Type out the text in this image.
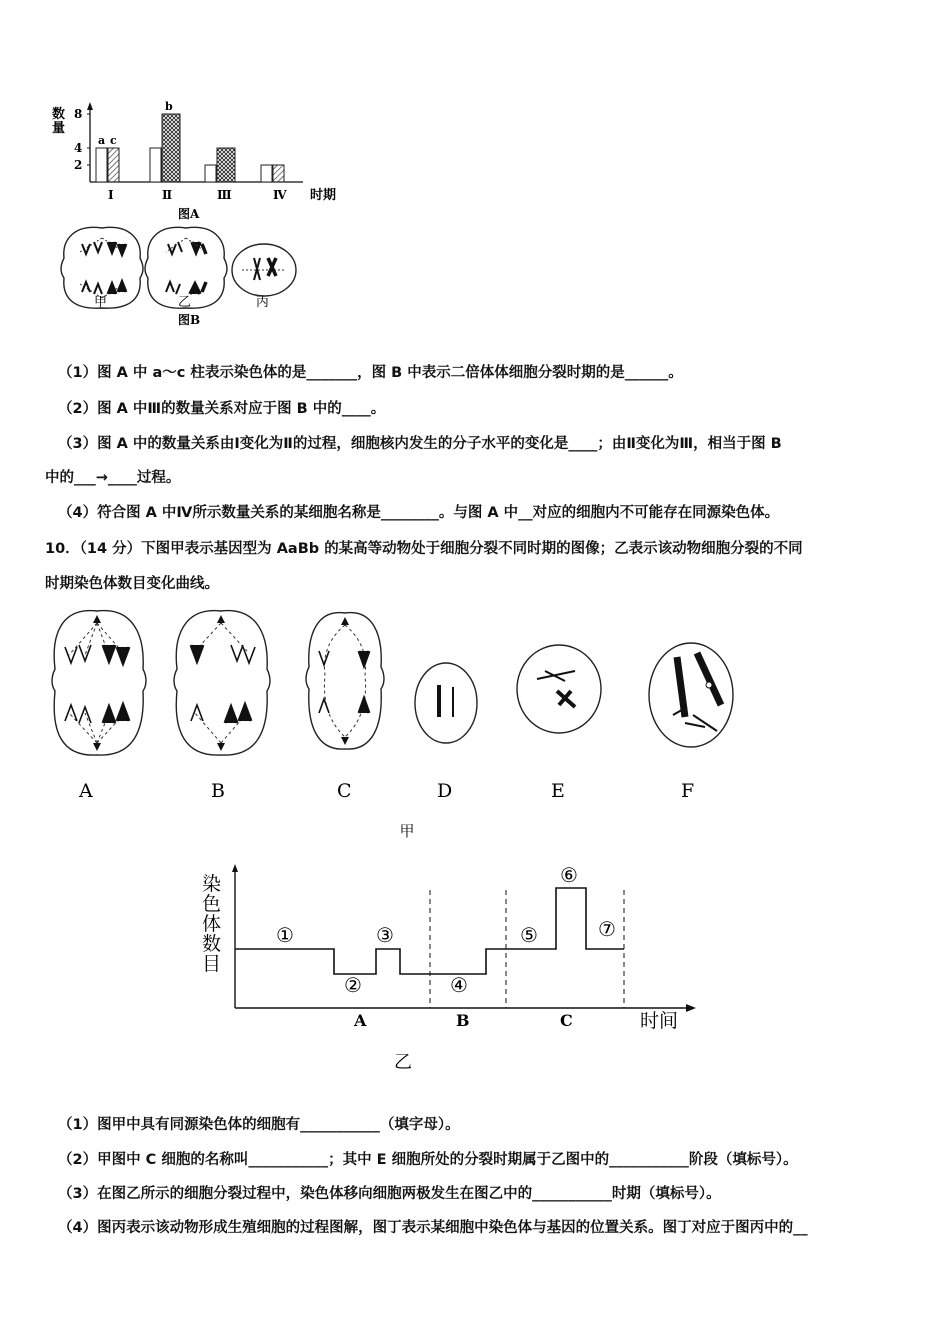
数量
8
4
2
a c
b
Ⅰ	Ⅱ	Ⅲ	Ⅳ 时期
图A
甲	乙	丙
图B
（1）图 A 中 a～c 柱表示染色体的是_______，图 B 中表示二倍体体细胞分裂时期的是______。
（2）图 A 中Ⅲ的数量关系对应于图 B 中的____。
（3）图 A 中的数量关系由Ⅰ变化为Ⅱ的过程，细胞核内发生的分子水平的变化是____；由Ⅱ变化为Ⅲ，相当于图 B
中的___→____过程。
（4）符合图 A 中Ⅳ所示数量关系的某细胞名称是________。与图 A 中__对应的细胞内不可能存在同源染色体。
10．（14 分）下图甲表示基因型为 AaBb 的某高等动物处于细胞分裂不同时期的图像；乙表示该动物细胞分裂的不同
时期染色体数目变化曲线。
A	B	C	D	E	F
甲
染色体数目
①
②
③
④
⑤
⑥
⑦
A	B	C	时间
乙
（1）图甲中具有同源染色体的细胞有___________（填字母）。
（2）甲图中 C 细胞的名称叫___________；其中 E 细胞所处的分裂时期属于乙图中的___________阶段（填标号）。
（3）在图乙所示的细胞分裂过程中，染色体移向细胞两极发生在图乙中的___________时期（填标号）。
（4）图丙表示该动物形成生殖细胞的过程图解，图丁表示某细胞中染色体与基因的位置关系。图丁对应于图丙中的__
